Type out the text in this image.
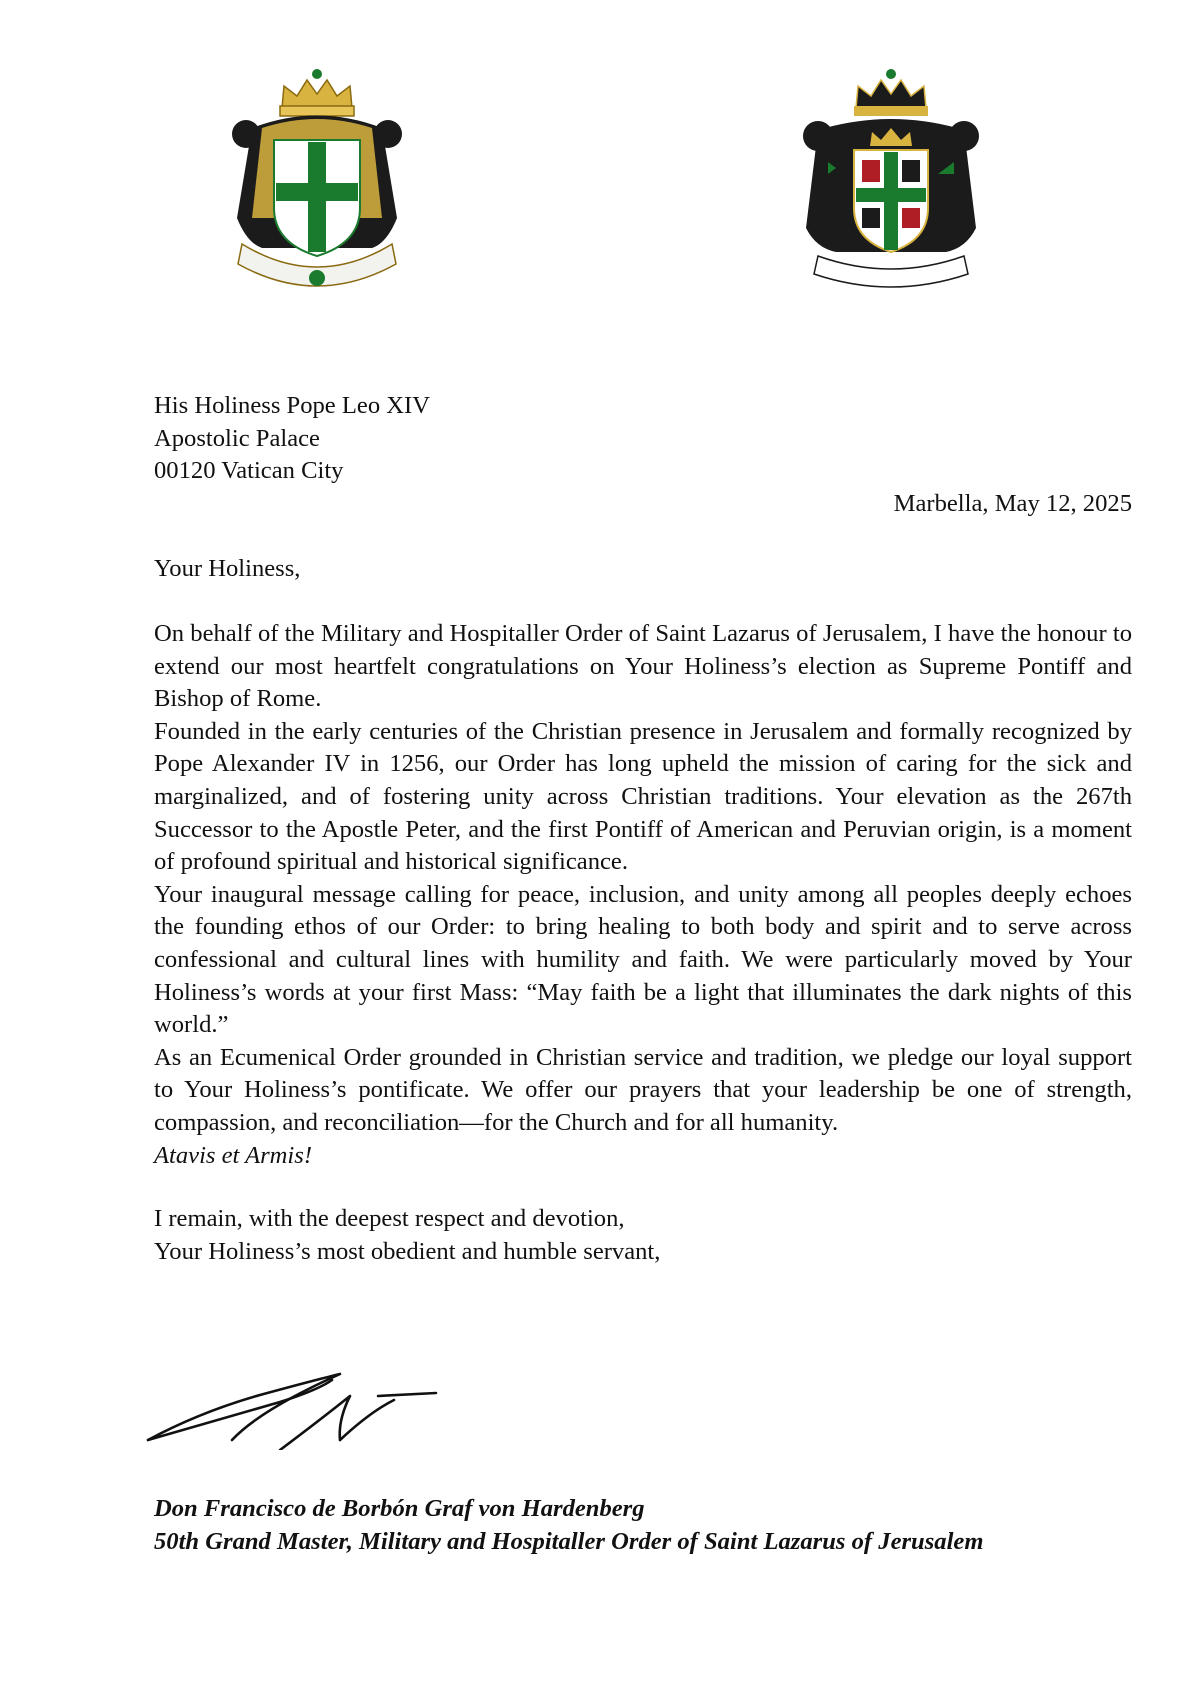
His Holiness Pope Leo XIV
Apostolic Palace
00120 Vatican City
Marbella, May 12, 2025
Your Holiness,

On behalf of the Military and Hospitaller Order of Saint Lazarus of Jerusalem, I have the honour to extend our most heartfelt congratulations on Your Holiness’s election as Supreme Pontiff and Bishop of Rome.

Founded in the early centuries of the Christian presence in Jerusalem and formally recognized by Pope Alexander IV in 1256, our Order has long upheld the mission of caring for the sick and marginalized, and of fostering unity across Christian traditions. Your elevation as the 267th Successor to the Apostle Peter, and the first Pontiff of American and Peruvian origin, is a moment of profound spiritual and historical significance.

Your inaugural message calling for peace, inclusion, and unity among all peoples deeply echoes the founding ethos of our Order: to bring healing to both body and spirit and to serve across confessional and cultural lines with humility and faith. We were particularly moved by Your Holiness’s words at your first Mass: “May faith be a light that illuminates the dark nights of this world.”

As an Ecumenical Order grounded in Christian service and tradition, we pledge our loyal support to Your Holiness’s pontificate. We offer our prayers that your leadership be one of strength, compassion, and reconciliation—for the Church and for all humanity.

Atavis et Armis!

I remain, with the deepest respect and devotion,
Your Holiness’s most obedient and humble servant,
Don Francisco de Borbón Graf von Hardenberg
50th Grand Master, Military and Hospitaller Order of Saint Lazarus of Jerusalem
